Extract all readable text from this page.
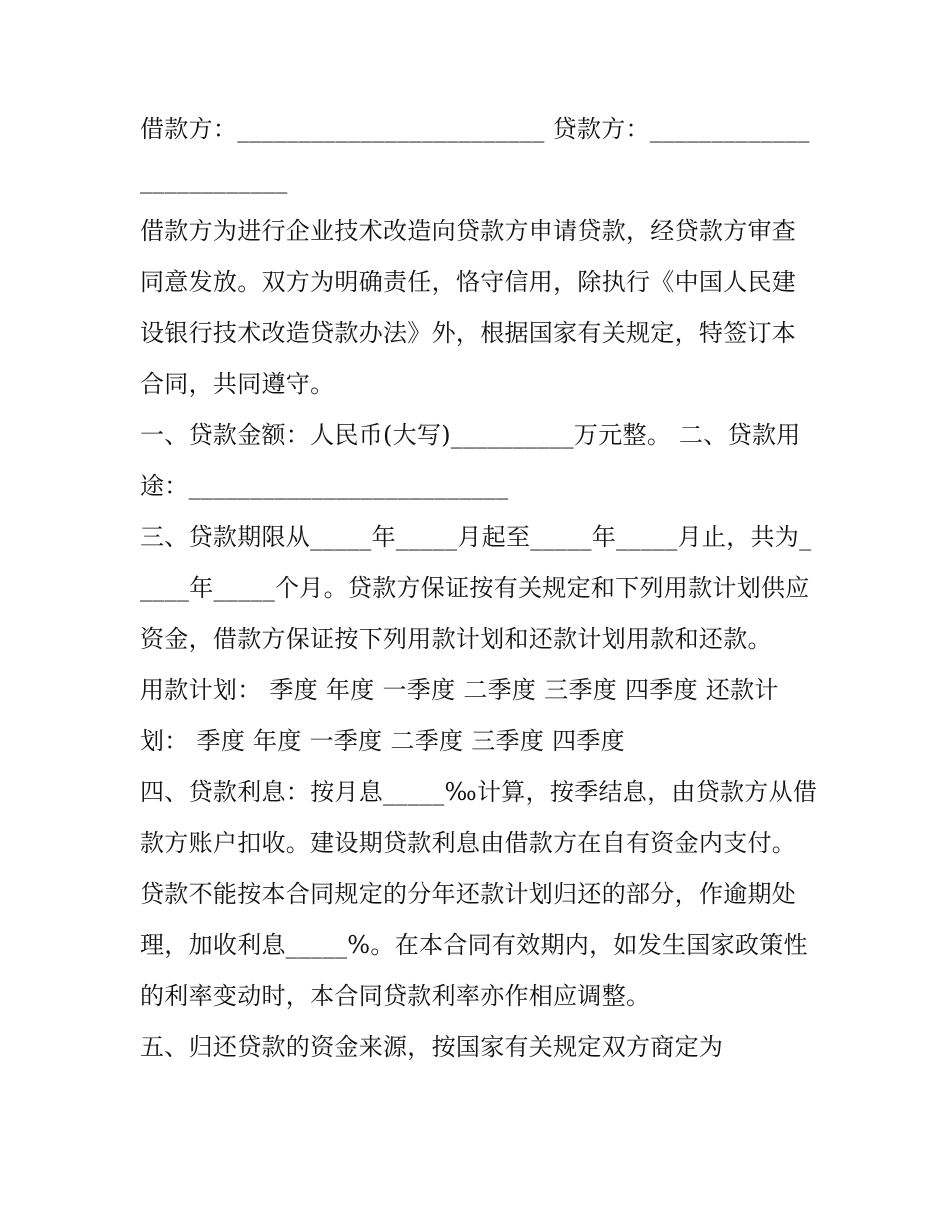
借款方：_________________________ 贷款方：_________________________

借款方为进行企业技术改造向贷款方申请贷款，经贷款方审查同意发放。双方为明确责任，恪守信用，除执行《中国人民建设银行技术改造贷款办法》外，根据国家有关规定，特签订本合同，共同遵守。

一、贷款金额：人民币(大写)__________万元整。 二、贷款用途：__________________________

三、贷款期限从_____年_____月起至_____年_____月止，共为_____年_____个月。贷款方保证按有关规定和下列用款计划供应资金，借款方保证按下列用款计划和还款计划用款和还款。

用款计划： 季度 年度 一季度 二季度 三季度 四季度 还款计划： 季度 年度 一季度 二季度 三季度 四季度

四、贷款利息：按月息_____‰计算，按季结息，由贷款方从借款方账户扣收。建设期贷款利息由借款方在自有资金内支付。贷款不能按本合同规定的分年还款计划归还的部分，作逾期处理，加收利息_____%。在本合同有效期内，如发生国家政策性的利率变动时，本合同贷款利率亦作相应调整。

五、归还贷款的资金来源，按国家有关规定双方商定为
